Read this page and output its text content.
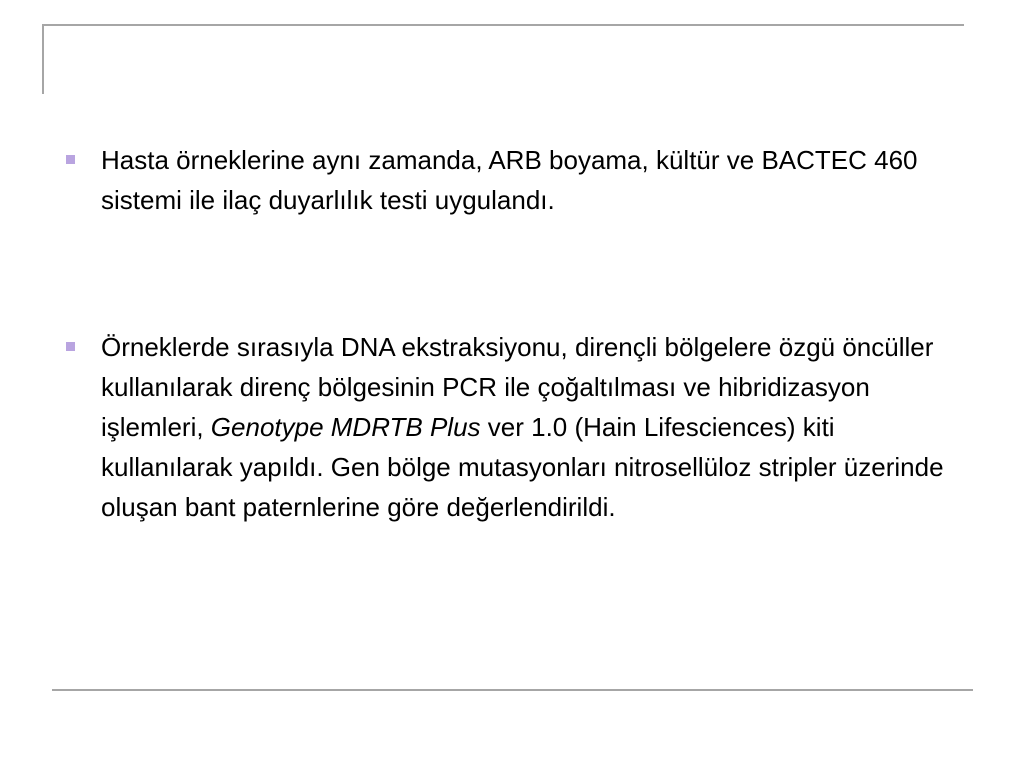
Hasta örneklerine aynı zamanda, ARB boyama, kültür ve BACTEC 460 sistemi ile ilaç duyarlılık testi uygulandı.
Örneklerde sırasıyla DNA ekstraksiyonu, dirençli bölgelere özgü öncüller kullanılarak direnç bölgesinin PCR ile çoğaltılması ve hibridizasyon işlemleri, Genotype MDRTB Plus ver 1.0 (Hain Lifesciences) kiti kullanılarak yapıldı. Gen bölge mutasyonları nitrosellüloz stripler üzerinde oluşan bant paternlerine göre değerlendirildi.
